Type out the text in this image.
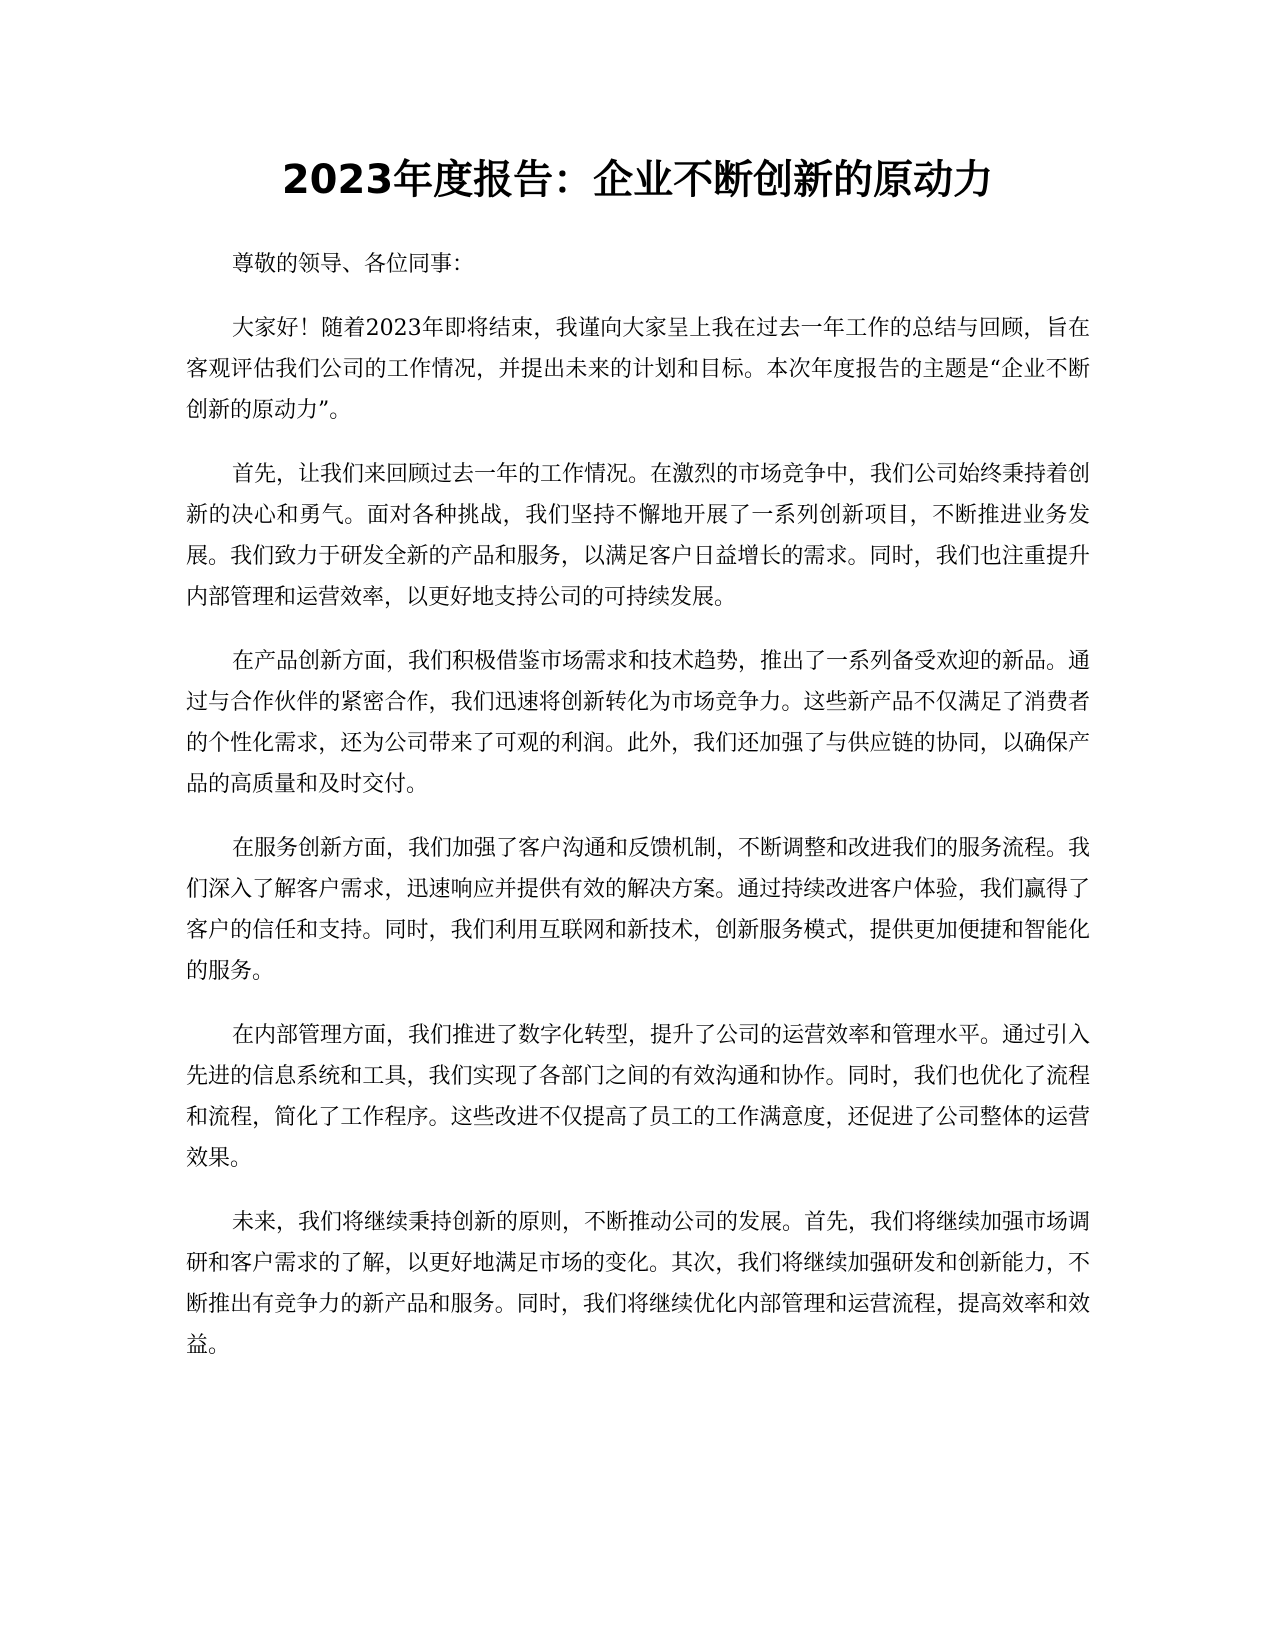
2023年度报告：企业不断创新的原动力

尊敬的领导、各位同事：

大家好！随着2023年即将结束，我谨向大家呈上我在过去一年工作的总结与回顾，旨在客观评估我们公司的工作情况，并提出未来的计划和目标。本次年度报告的主题是“企业不断创新的原动力”。

首先，让我们来回顾过去一年的工作情况。在激烈的市场竞争中，我们公司始终秉持着创新的决心和勇气。面对各种挑战，我们坚持不懈地开展了一系列创新项目，不断推进业务发展。我们致力于研发全新的产品和服务，以满足客户日益增长的需求。同时，我们也注重提升内部管理和运营效率，以更好地支持公司的可持续发展。

在产品创新方面，我们积极借鉴市场需求和技术趋势，推出了一系列备受欢迎的新品。通过与合作伙伴的紧密合作，我们迅速将创新转化为市场竞争力。这些新产品不仅满足了消费者的个性化需求，还为公司带来了可观的利润。此外，我们还加强了与供应链的协同，以确保产品的高质量和及时交付。

在服务创新方面，我们加强了客户沟通和反馈机制，不断调整和改进我们的服务流程。我们深入了解客户需求，迅速响应并提供有效的解决方案。通过持续改进客户体验，我们赢得了客户的信任和支持。同时，我们利用互联网和新技术，创新服务模式，提供更加便捷和智能化的服务。

在内部管理方面，我们推进了数字化转型，提升了公司的运营效率和管理水平。通过引入先进的信息系统和工具，我们实现了各部门之间的有效沟通和协作。同时，我们也优化了流程和流程，简化了工作程序。这些改进不仅提高了员工的工作满意度，还促进了公司整体的运营效果。

未来，我们将继续秉持创新的原则，不断推动公司的发展。首先，我们将继续加强市场调研和客户需求的了解，以更好地满足市场的变化。其次，我们将继续加强研发和创新能力，不断推出有竞争力的新产品和服务。同时，我们将继续优化内部管理和运营流程，提高效率和效益。
